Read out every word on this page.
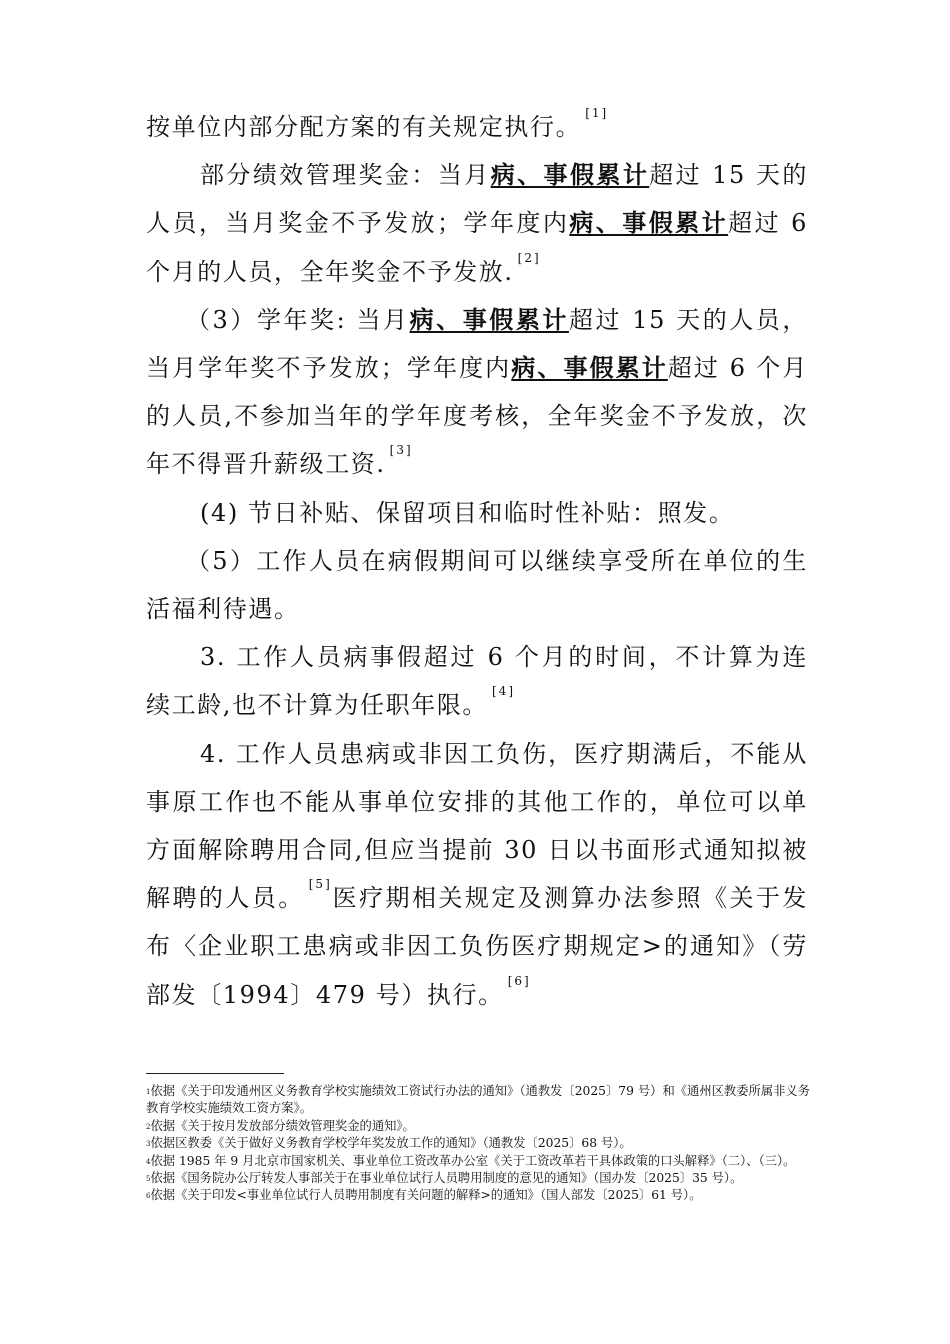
按单位内部分配方案的有关规定执行。 [1]

部分绩效管理奖金：当月病、事假累计超过 15 天的人员，当月奖金不予发放；学年度内病、事假累计超过 6 个月的人员，全年奖金不予发放. [2]

（3）学年奖: 当月病、事假累计超过 15 天的人员，当月学年奖不予发放；学年度内病、事假累计超过 6 个月的人员,不参加当年的学年度考核，全年奖金不予发放，次年不得晋升薪级工资. [3]

(4) 节日补贴、保留项目和临时性补贴：照发。

（5）工作人员在病假期间可以继续享受所在单位的生活福利待遇。

3. 工作人员病事假超过 6 个月的时间，不计算为连续工龄,也不计算为任职年限。 [4]

4. 工作人员患病或非因工负伤，医疗期满后，不能从事原工作也不能从事单位安排的其他工作的，单位可以单方面解除聘用合同,但应当提前 30 日以书面形式通知拟被解聘的人员。 [5]医疗期相关规定及测算办法参照《关于发布〈企业职工患病或非因工负伤医疗期规定>的通知》（劳部发〔1994〕479 号）执行。 [6]

$^1$依据《关于印发通州区义务教育学校实施绩效工资试行办法的通知》（通教发〔2025〕79 号）和《通州区教委所属非义务教育学校实施绩效工资方案》。

$^2$依据《关于按月发放部分绩效管理奖金的通知》。

$^3$依据区教委《关于做好义务教育学校学年奖发放工作的通知》（通教发〔2025〕68 号）。

$^4$依据 1985 年 9 月北京市国家机关、事业单位工资改革办公室《关于工资改革若干具体政策的口头解释》（二）、（三）。

$^5$依据《国务院办公厅转发人事部关于在事业单位试行人员聘用制度的意见的通知》（国办发〔2025〕35 号）。

$^6$依据《关于印发<事业单位试行人员聘用制度有关问题的解释>的通知》（国人部发〔2025〕61 号）。
